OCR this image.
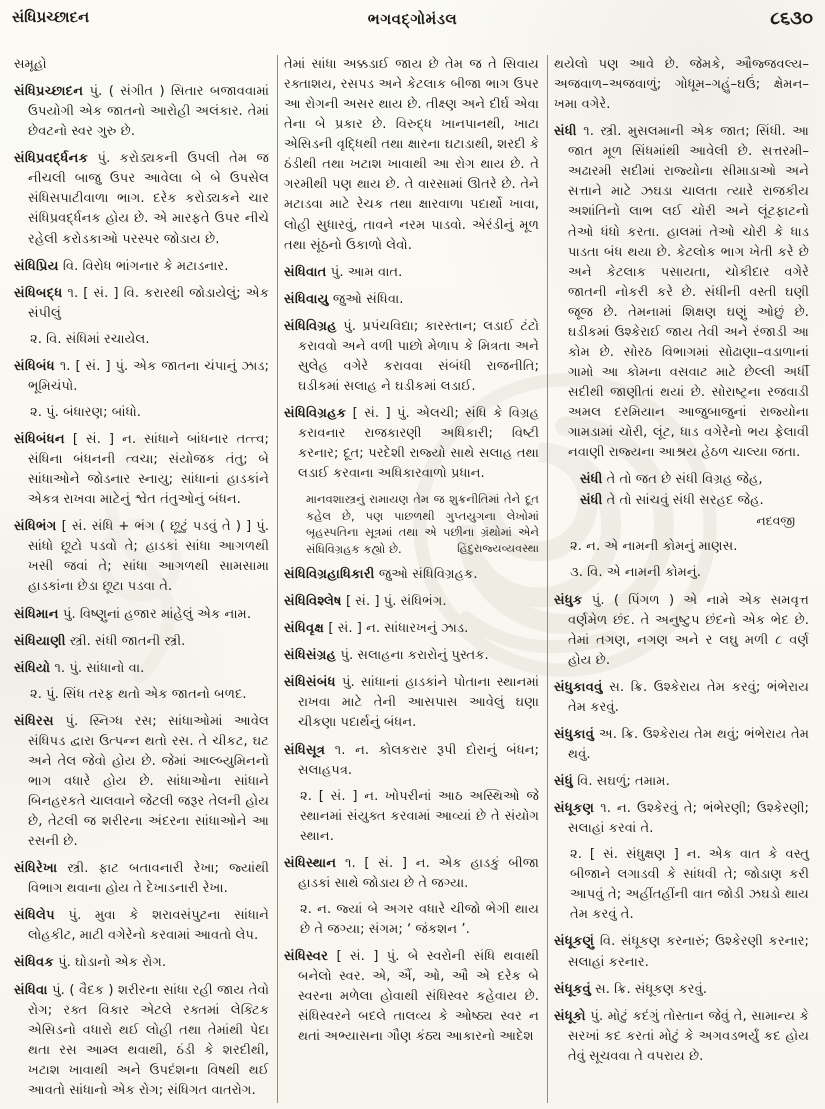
સંધિપ્રચ્છાદન	ભગવદ્ગોમંડલ	૮૬૩૦

સમૂહો

સંધિપ્રચ્છાદન પું. ( સંગીત ) સિતાર બજાવવામાં ઉપયોગી એક જાતનો આરોહી અલંકાર. તેમાં છેવટનો સ્વર ગુરુ છે.

સંધિપ્રવર્દ્ધનક પું. કરોડ્યકની ઉપલી તેમ જ નીચલી બાજુ ઉપર આવેલા બે બે ઉપસેલ સંધિસપાટીવાળા ભાગ. દરેક કરોડ્યકને ચાર સંધિપ્રવર્દ્ધનક હોય છે. એ મારફતે ઉપર નીચે રહેલી કરોડકાઓ પરસ્પર જોડાય છે.

સંધિપ્રિય વિ. વિરોધ ભાંગનાર કે મટાડનાર.

સંધિબદ્ધ ૧. [ સં. ] વિ. કરારથી જોડાયેલું; એક સંપીલું

૨. વિ. સંધિમાં રચાયેલ.

સંધિબંધ ૧. [ સં. ] પું. એક જાતના ચંપાનું ઝાડ; ભૂમિચંપો.

૨. પું. બંધારણ; બાંધો.

સંધિબંધન [ સં. ] ન. સાંધાને બાંધનાર તત્ત્વ; સંધિના બંધનની ત્વચા; સંયોજક તંતુ; બે સાંધાઓને જોડનાર સ્નાયુ; સાંધાનાં હાડકાંને એકત્ર રાખવા માટેનું શ્વેત તંતુઓનું બંધન.

સંધિભંગ [ સં. સંધિ + ભંગ ( છૂટું પડવું તે ) ] પું. સાંધો છૂટો પડવો તે; હાડકાં સાંધા આગળથી ખસી જવાં તે; સાંધા આગળથી સામસામા હાડકાંના છેડા છૂટા પડવા તે.

સંધિમાન પું. વિષ્ણુનાં હજાર માંહેલું એક નામ.

સંધિયાણી સ્ત્રી. સંધી જાતની સ્ત્રી.

સંધિયો ૧. પું. સાંધાનો વા.

૨. પું. સિંધ તરફ થતો એક જાતનો બળદ.

સંધિરસ પું. સ્નિગ્ધ રસ; સાંધાઓમાં આવેલ સંધિપડ દ્વારા ઉત્પન્ન થતો રસ. તે ચીકટ, ઘટ અને તેલ જેવો હોય છે. જેમાં આલ્બ્યુમિનનો ભાગ વધારે હોય છે. સાંધાઓના સાંધાને બિનહરકતે ચાલવાને જેટલી જરૂર તેલની હોય છે, તેટલી જ શરીરના અંદરના સાંધાઓને આ રસની છે.

સંધિરેખા સ્ત્રી. ફાટ બતાવનારી રેખા; જ્યાંથી વિભાગ થવાના હોય તે દેખાડનારી રેખા.

સંધિલેપ પું. મુવા કે શરાવસંપુટના સાંધાને લોહકીટ, માટી વગેરેનો કરવામાં આવતો લેપ.

સંધિવક પું. ઘોડાનો એક રોગ.

સંધિવા પું. ( વૈદક ) શરીરના સાંધા રહી જાય તેવો રોગ; રક્ત વિકાર એટલે રક્તમાં લેક્ટિક એસિડનો વધારો થઈ લોહી તથા તેમાંથી પેદા થતા રસ આમ્લ થવાથી, ઠંડી કે શરદીથી, ખટાશ ખાવાથી અને ઉપદંશના વિષથી થઈ આવતો સાંધાનો એક રોગ; સંધિગત વાતરોગ.

તેમાં સાંધા અક્કડાઈ જાય છે તેમ જ તે સિવાય રક્તાશય, રસપડ અને કેટલાક બીજા ભાગ ઉપર આ રોગની અસર થાય છે. તીક્ષ્ણ અને દીર્ઘ એવા તેના બે પ્રકાર છે. વિરુદ્ધ ખાનપાનથી, ખાટા એસિડની વૃદ્ધિથી તથા ક્ષારના ઘટાડાથી, શરદી કે ઠંડીથી તથા ખટાશ ખાવાથી આ રોગ થાય છે. તે ગરમીથી પણ થાય છે. તે વારસામાં ઊતરે છે. તેને મટાડવા માટે રેચક તથા ક્ષારવાળા પદાર્થો ખાવા, લોહી સુધારવું, તાવને નરમ પાડવો. એરંડીનું મૂળ તથા સૂંઠનો ઉકાળો લેવો.

સંધિવાત પું. આમ વાત.

સંધિવાયુ જુઓ સંધિવા.

સંધિવિગ્રહ પું. પ્રપંચવિદ્યા; કારસ્તાન; લડાઈ ટંટો કરાવવો અને વળી પાછો મેળાપ કે મિત્રતા અને સુલેહ વગેરે કરાવવા સંબંધી રાજનીતિ; ઘડીકમાં સલાહ ને ઘડીકમાં લડાઈ.

સંધિવિગ્રહક [ સં. ] પું. એલચી; સંધિ કે વિગ્રહ કરાવનાર રાજકારણી અધિકારી; વિષ્ટી કરનાર; દૂત; પરદેશી રાજ્યો સાથે સલાહ તથા લડાઈ કરવાના અધિકારવાળો પ્રધાન.

માનવશાસ્ત્રનું રામાયણ તેમ જ શુક્રનીતિમાં તેને દૂત કહેલ છે, પણ પાછળથી ગુપ્તયુગના લેખોમાં બૃહસ્પતિના સૂત્રમાં તથા એ પછીના ગ્રંથોમાં એને સંધિવિગ્રહક કહ્યો છે.	હિંદુરાજ્યવ્યવસ્થા

સંધિવિગ્રહાધિકારી જુઓ સંધિવિગ્રહક.

સંધિવિશ્લેષ [ સં. ] પું. સંધિભંગ.

સંધિવૃક્ષ [ સં. ] ન. સાંધારખનું ઝાડ.

સંધિસંગ્રહ પું. સલાહના કરારોનું પુસ્તક.

સંધિસંબંધ પું. સાંધાનાં હાડકાંને પોતાના સ્થાનમાં રાખવા માટે તેની આસપાસ આવેલું ઘણા ચીકણા પદાર્થનું બંધન.

સંધિસૂત્ર ૧. ન. કોલકરાર રૂપી દોરાનું બંધન; સલાહપત્ર.

૨. [ સં. ] ન. ખોપરીનાં આઠ અસ્થિઓ જે સ્થાનમાં સંયુક્ત કરવામાં આવ્યાં છે તે સંયોગ સ્થાન.

સંધિસ્થાન ૧. [ સં. ] ન. એક હાડકું બીજા હાડકાં સાથે જોડાય છે તે જગ્યા.

૨. ન. જ્યાં બે અગર વધારે ચીજો ભેગી થાય છે તે જગ્યા; સંગમ; ‘ જંકશન ’.

સંધિસ્વર [ સં. ] પું. બે સ્વરોની સંધિ થવાથી બનેલો સ્વર. એ, ઐં, ઓ, ઔ એ દરેક બે સ્વરના મળેલા હોવાથી સંધિસ્વર કહેવાય છે. સંધિસ્વરને બદલે તાલવ્ય કે ઓષ્ઠ્ય સ્વર ન થતાં અભ્યાસના ગૌણ કંઠ્ય આકારનો આદેશ

થયેલો પણ આવે છે. જેમકે, ઔજ્જવલ્ય–અજવાળ–અજવાળું; ગોધૂમ–ગહું–ઘઉં; ક્ષેમન–ખમા વગેરે.

સંધી ૧. સ્ત્રી. મુસલમાની એક જાત; સિંધી. આ જાત મૂળ સિંધમાંથી આવેલી છે. સત્તરમી–અઢારમી સદીમાં રાજ્યોના સીમાડાઓ અને સત્તાને માટે ઝઘડા ચાલતા ત્યારે રાજકીય અશાંતિનો લાભ લઈ ચોરી અને લૂંટફાટનો તેઓ ધંધો કરતા. હાલમાં તેઓ ચોરી કે ધાડ પાડતા બંધ થયા છે. કેટલોક ભાગ ખેતી કરે છે અને કેટલાક પસાયતા, ચોકીદાર વગેરે જાતની નોકરી કરે છે. સંધીની વસ્તી ઘણી જૂજ છે. તેમનામાં શિક્ષણ ઘણું ઓછું છે. ઘડીકમાં ઉશ્કેરાઈ જાય તેવી અને રંજાડી આ કોમ છે. સોરઠ વિભાગમાં સોઢાણા–વડાળાનાં ગામો આ કોમના વસવાટ માટે છેલ્લી અર્ધી સદીથી જાણીતાં થયાં છે. સોરાષ્ટ્રના રજવાડી અમલ દરમિયાન આજુબાજુનાં રાજ્યોના ગામડામાં ચોરી, લૂંટ, ધાડ વગેરેનો ભય ફેલાવી નવાણી રાજ્યના આશ્રય હેઠળ ચાલ્યા જતા.

સંધી તે તો જત છે સંધી વિગ્રહ જેહ,
સંધી તે તો સાંચવું સંધી સરહદ જેહ.
નદવજી

૨. ન. એ નામની કોમનું માણસ.

૩. વિ. એ નામની કોમનું.

સંધુક પું. ( પિંગળ ) એ નામે એક સમવૃત્ત વર્ણમેળ છંદ. તે અનુષ્ટુપ છંદનો એક ભેદ છે. તેમાં તગણ, નગણ અને ર લઘુ મળી ૮ વર્ણ હોય છે.

સંધુકાવવું સ. ક્રિ. ઉશ્કેરાય તેમ કરવું; ભંભેરાય તેમ કરવું.

સંધુકાવું અ. ક્રિ. ઉશ્કેરાય તેમ થવું; ભંભેરાય તેમ થવું.

સંધું વિ. સઘળું; તમામ.

સંધૂકણ ૧. ન. ઉશ્કેરવું તે; ભંભેરણી; ઉશ્કેરણી; સલાહાં કરવાં તે.

૨. [ સં. સંધુક્ષણ ] ન. એક વાત કે વસ્તુ બીજાને લગાડવી કે સાંધવી તે; જોડાણ કરી આપવું તે; અહીંતહીંની વાત જોડી ઝઘડો થાય તેમ કરવું તે.

સંધૂકણું વિ. સંધૂકણ કરનારું; ઉશ્કેરણી કરનાર; સલાહાં કરનાર.

સંધૂકવું સ. ક્રિ. સંધૂકણ કરવું.

સંધૂકો પું. મોટું કદંગું તોસ્તાન જેવું તે, સામાન્ય કે સરખાં કદ કરતાં મોટું કે અગવડભર્યું કદ હોય તેવું સૂચવવા તે વપરાય છે.
